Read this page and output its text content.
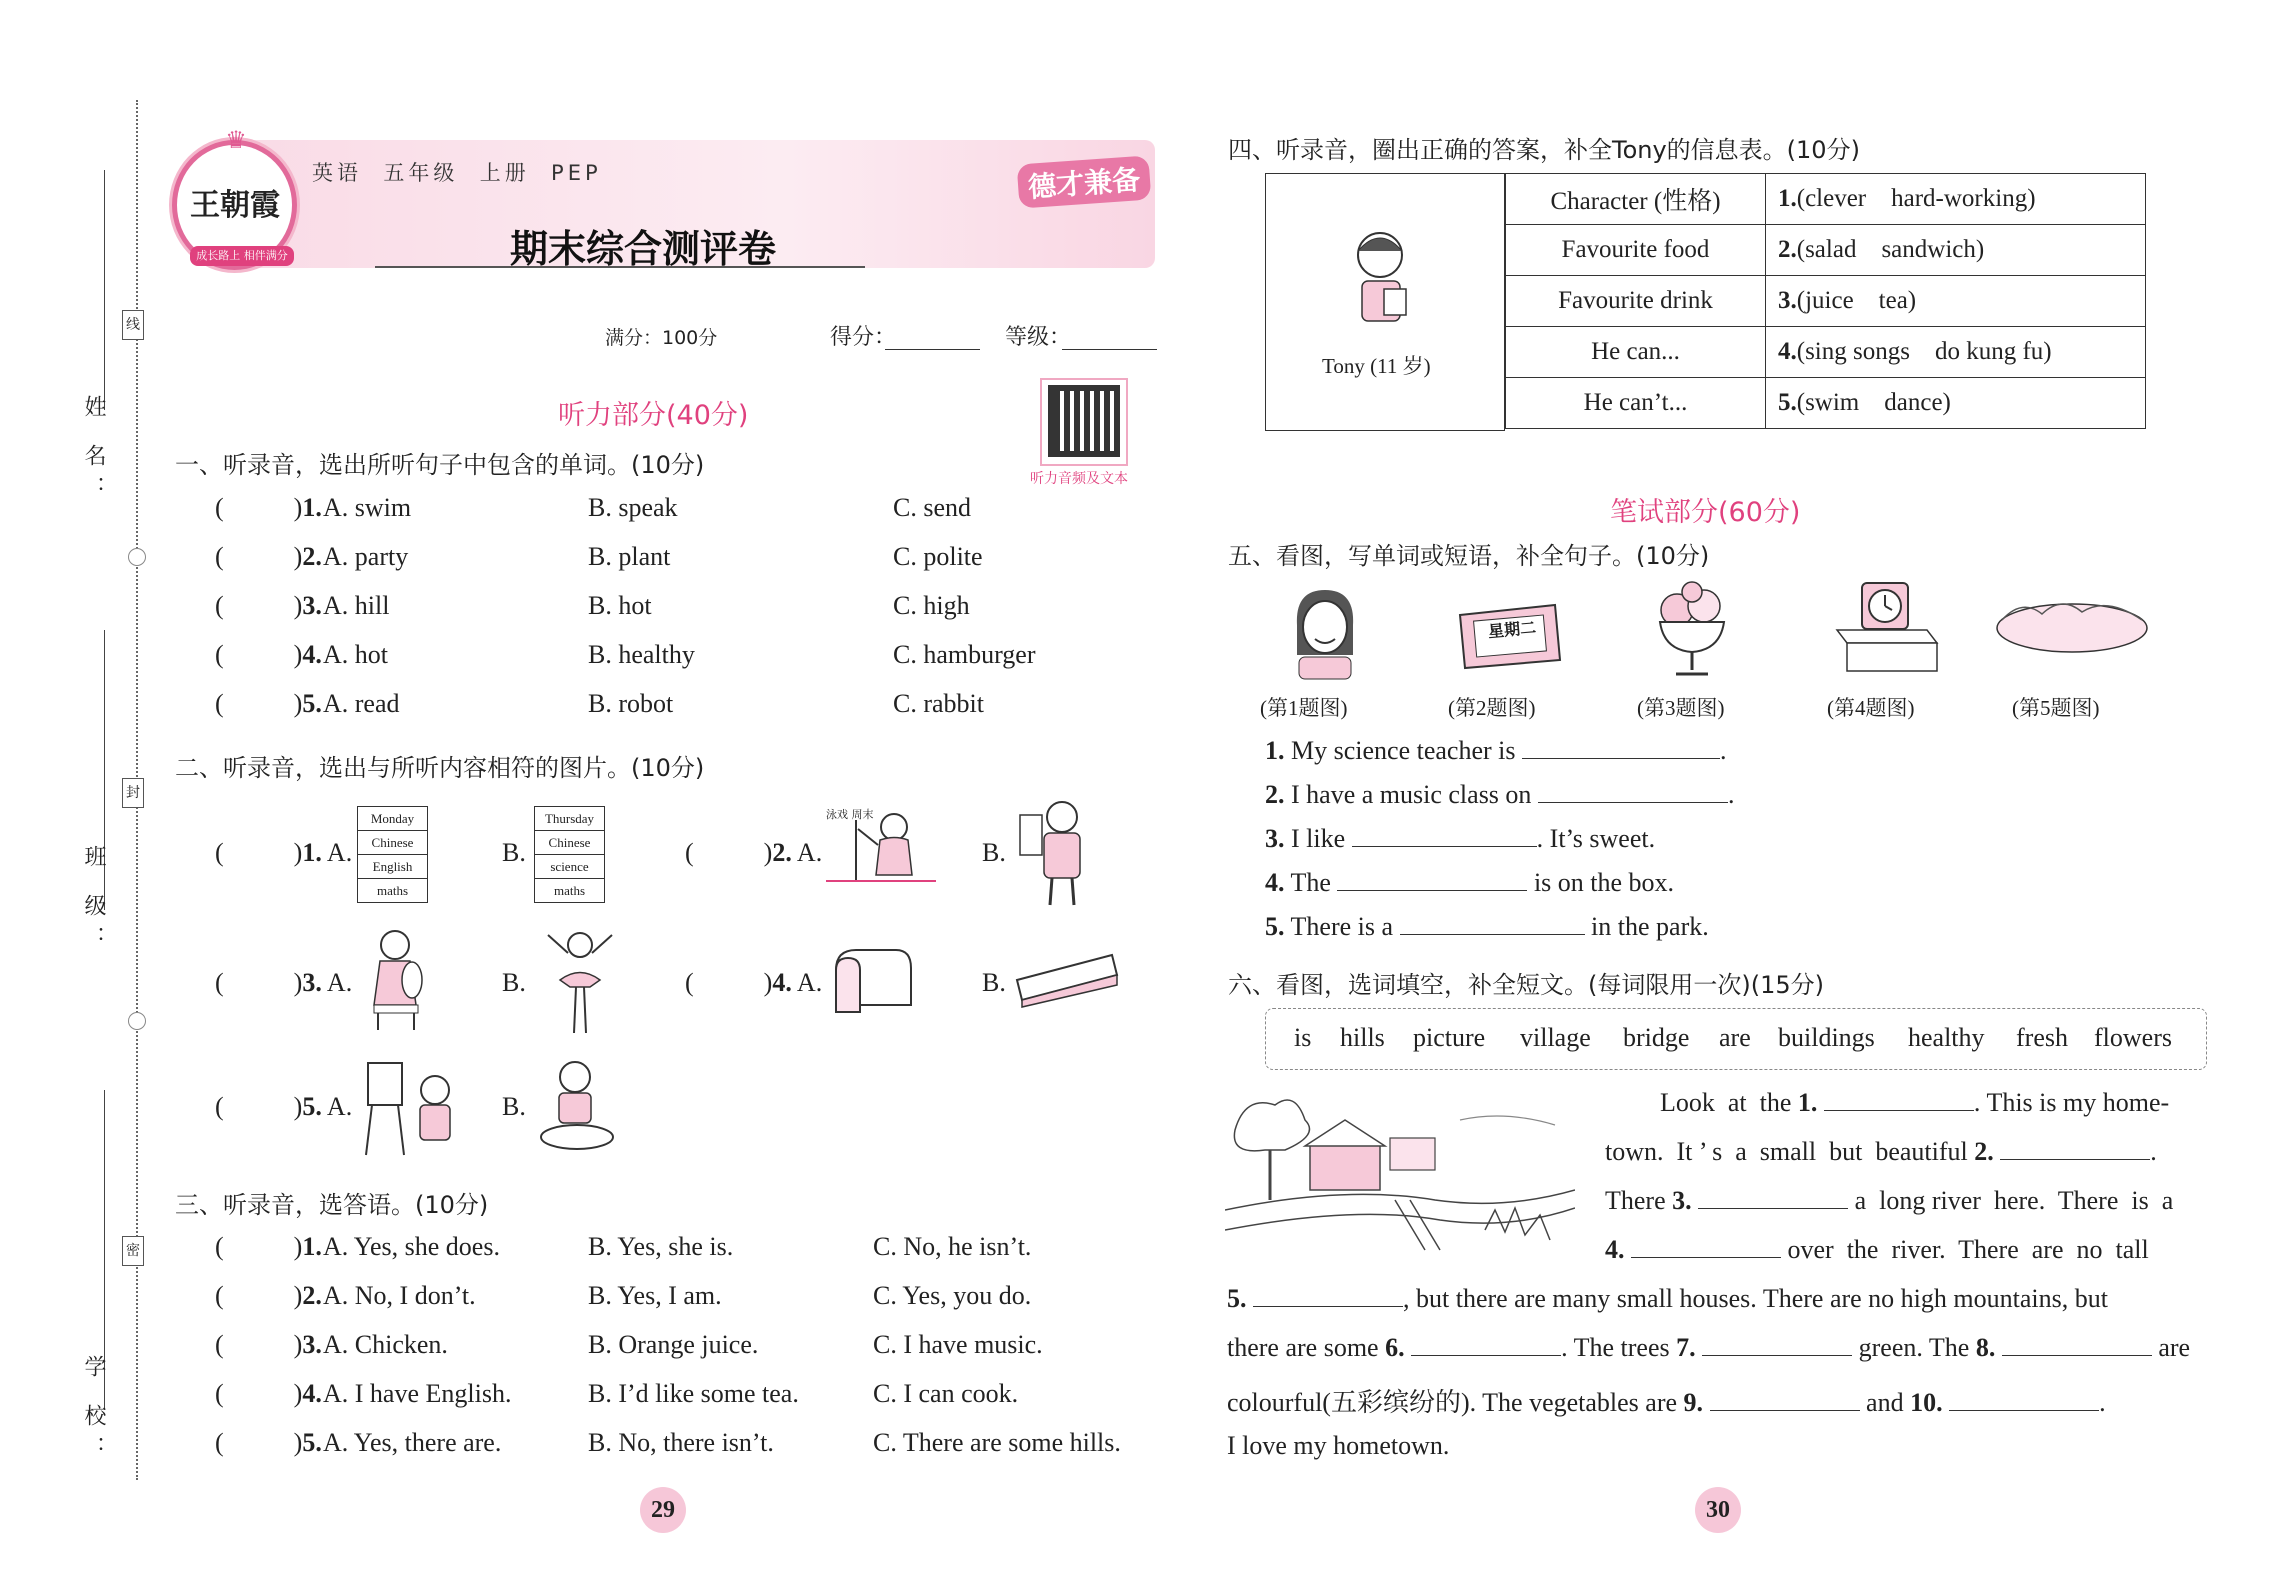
姓 名：
班 级：
学 校：
线
封
密
♛
王朝霞
成长路上 相伴满分
英语  五年级  上册  PEP	德才兼备
期末综合测评卷
满分：100分	得分：	等级：
听力音频及文本
听力部分(40分)
一、听录音，选出所听句子中包含的单词。(10分)
(	)1. A. swim	B. speak	C. send
(	)2. A. party	B. plant	C. polite
(	)3. A. hill	B. hot	C. high
(	)4. A. hot	B. healthy	C. hamburger
(	)5. A. read	B. robot	C. rabbit
二、听录音，选出与所听内容相符的图片。(10分)
(	)1. A.
Monday
Chinese
English
maths
B.
Thursday
Chinese
science
maths
(	)2. A.
泳戏 周末
B.
(	)3. A.	B.	(	)4. A.	B.
(	)5. A.	B.
三、听录音，选答语。(10分)
(	)1. A. Yes, she does.	B. Yes, she is.	C. No, he isn’t.
(	)2. A. No, I don’t.	B. Yes, I am.	C. Yes, you do.
(	)3. A. Chicken.	B. Orange juice.	C. I have music.
(	)4. A. I have English.	B. I’d like some tea.	C. I can cook.
(	)5. A. Yes, there are.	B. No, there isn’t.	C. There are some hills.
29
四、听录音，圈出正确的答案，补全Tony的信息表。(10分)
Tony (11 岁)
Character (性格)	1.(clever    hard-working)
Favourite food	2.(salad    sandwich)
Favourite drink	3.(juice    tea)
He can...	4.(sing songs    do kung fu)
He can’t...	5.(swim    dance)
笔试部分(60分)
五、看图，写单词或短语，补全句子。(10分)
星期二
(第1题图)	(第2题图)	(第3题图)	(第4题图)	(第5题图)
1. My science teacher is	.
2. I have a music class on	.
3. I like	. It’s sweet.
4. The	is on the box.
5. There is a	in the park.
六、看图，选词填空，补全短文。(每词限用一次)(15分)
is hills picture village bridge are buildings healthy fresh flowers
Look  at  the 1.	. This is my home-
town.  It ’ s  a  small  but  beautiful 2.	.
There 3.	a  long river  here.  There  is  a
4.	over  the  river.  There  are  no  tall
5.	, but there are many small houses. There are no high mountains, but
there are some 6.	. The trees 7.	green. The 8.	are
colourful(五彩缤纷的). The vegetables are 9.	and 10.	.
I love my hometown.
30
